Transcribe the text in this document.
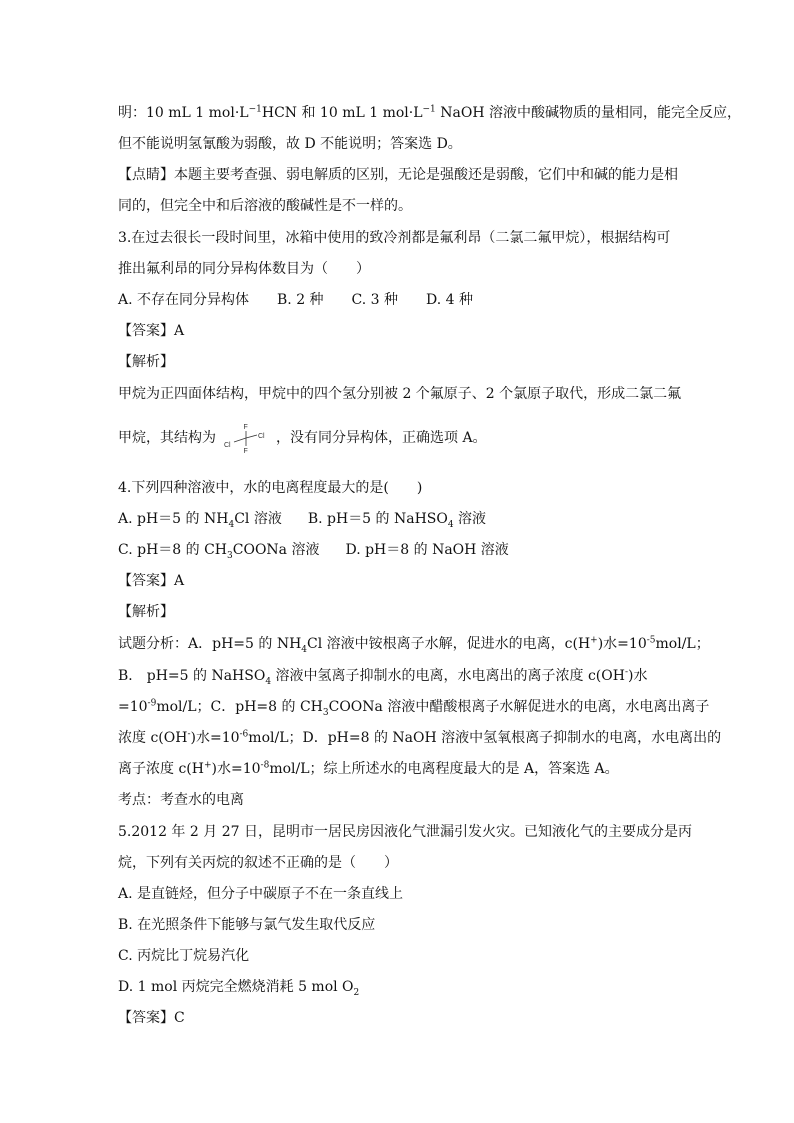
明：10 mL 1 $mol\cdot L^{-1}HCN$ 和 10 mL 1 $mol\cdot L^{-1}$ NaOH 溶液中酸碱物质的量相同，能完全反应，
但不能说明氢氰酸为弱酸，故 D 不能说明；答案选 D。
【点睛】本题主要考查强、弱电解质的区别，无论是强酸还是弱酸，它们中和碱的能力是相
同的，但完全中和后溶液的酸碱性是不一样的。
3.在过去很长一段时间里，冰箱中使用的致冷剂都是氟利昂（二氯二氟甲烷），根据结构可
推出氟利昂的同分异构体数目为（　　）
A. 不存在同分异构体　　B. 2 种　　C. 3 种　　D. 4 种
【答案】A
【解析】
甲烷为正四面体结构，甲烷中的四个氢分别被 2 个氟原子、2 个氯原子取代，形成二氯二氟
甲烷，其结构为
F
F
Cl
Cl ，没有同分异构体，正确选项 A。
4.下列四种溶液中，水的电离程度最大的是(　　)
A. pH＝5 的 $NH_4Cl$ 溶液 B. pH＝5 的 NaHSO$_4$ 溶液
C. pH＝8 的 $CH_3COONa$ 溶液 D. pH＝8 的 NaOH 溶液
【答案】A
【解析】
试题分析：A．pH=5 的 $NH_4Cl$ 溶液中铵根离子水解，促进水的电离，c(H+)水$=10^{-5}mol/L$；
B． pH=5 的 NaHSO$_4$ 溶液中氢离子抑制水的电离，水电离出的离子浓度 c(OH-)水
$=10^{-9}mol/L$；C．pH=8 的 $CH_3COONa$ 溶液中醋酸根离子水解促进水的电离，水电离出离子
浓度 c(OH-)水$=10^{-6}mol/L$；D．pH=8 的 NaOH 溶液中氢氧根离子抑制水的电离，水电离出的
离子浓度 c(H+)水$=10^{-8}mol/L$；综上所述水的电离程度最大的是 A，答案选 A。
考点：考查水的电离
5.2012 年 2 月 27 日，昆明市一居民房因液化气泄漏引发火灾。已知液化气的主要成分是丙
烷，下列有关丙烷的叙述不正确的是（　　）
A. 是直链烃，但分子中碳原子不在一条直线上
B. 在光照条件下能够与氯气发生取代反应
C. 丙烷比丁烷易汽化
D. 1 mol 丙烷完全燃烧消耗 5 mol $O_2$
【答案】C
